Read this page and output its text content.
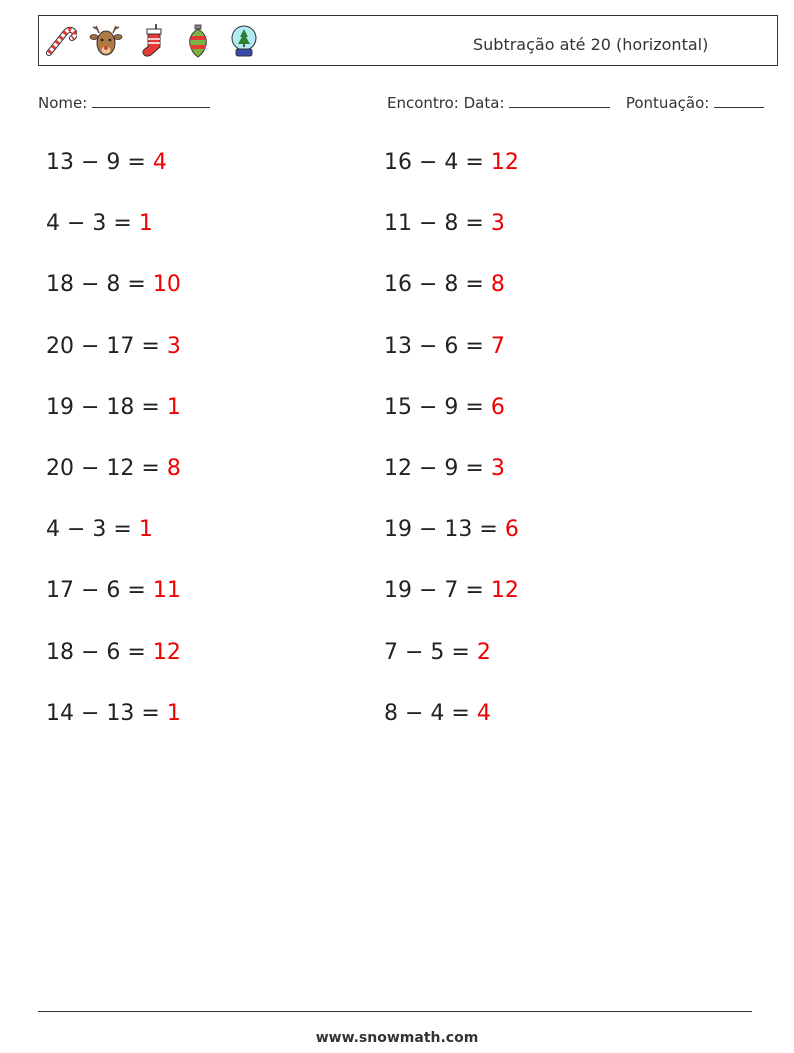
Subtração até 20 (horizontal)
Nome:	Encontro: Data:	Pontuação:
13 − 9 = 4	16 − 4 = 12
4 − 3 = 1	11 − 8 = 3
18 − 8 = 10	16 − 8 = 8
20 − 17 = 3	13 − 6 = 7
19 − 18 = 1	15 − 9 = 6
20 − 12 = 8	12 − 9 = 3
4 − 3 = 1	19 − 13 = 6
17 − 6 = 11	19 − 7 = 12
18 − 6 = 12	7 − 5 = 2
14 − 13 = 1	8 − 4 = 4
www.snowmath.com
